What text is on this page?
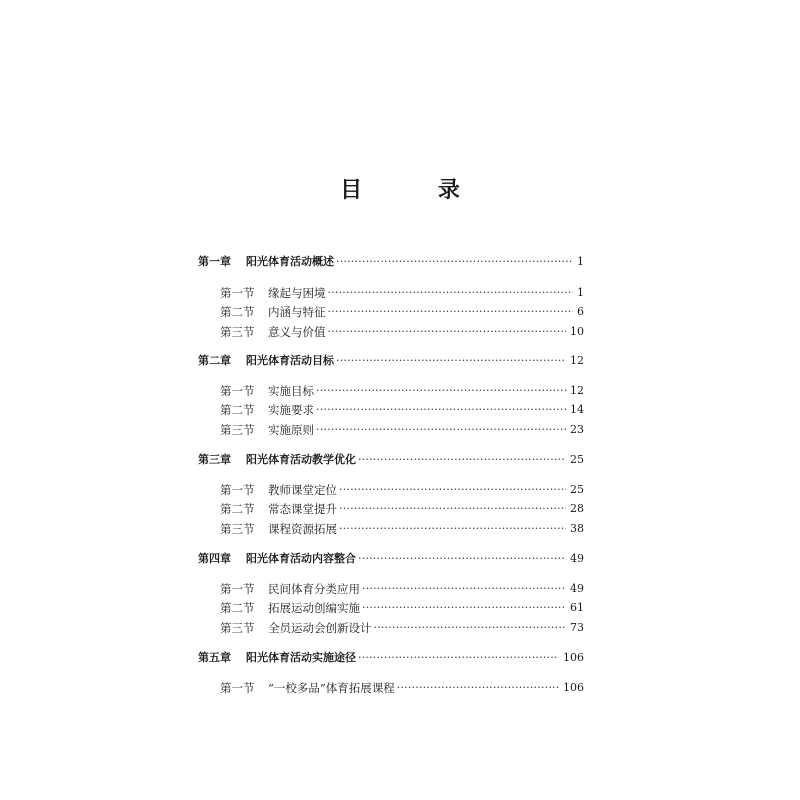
目 录
第一章	阳光体育活动概述 ·····	1
第一节	缘起与困境 ·····	1
第二节	内涵与特征 ·····	6
第三节	意义与价值 ·····	10
第二章	阳光体育活动目标 ·····	12
第一节	实施目标 ·····	12
第二节	实施要求 ·····	14
第三节	实施原则 ·····	23
第三章	阳光体育活动教学优化 ·····	25
第一节	教师课堂定位 ·····	25
第二节	常态课堂提升 ·····	28
第三节	课程资源拓展 ·····	38
第四章	阳光体育活动内容整合 ·····	49
第一节	民间体育分类应用 ·····	49
第二节	拓展运动创编实施 ·····	61
第三节	全员运动会创新设计 ·····	73
第五章	阳光体育活动实施途径 ·····	106
第一节	“一校多品”体育拓展课程 ·····	106
